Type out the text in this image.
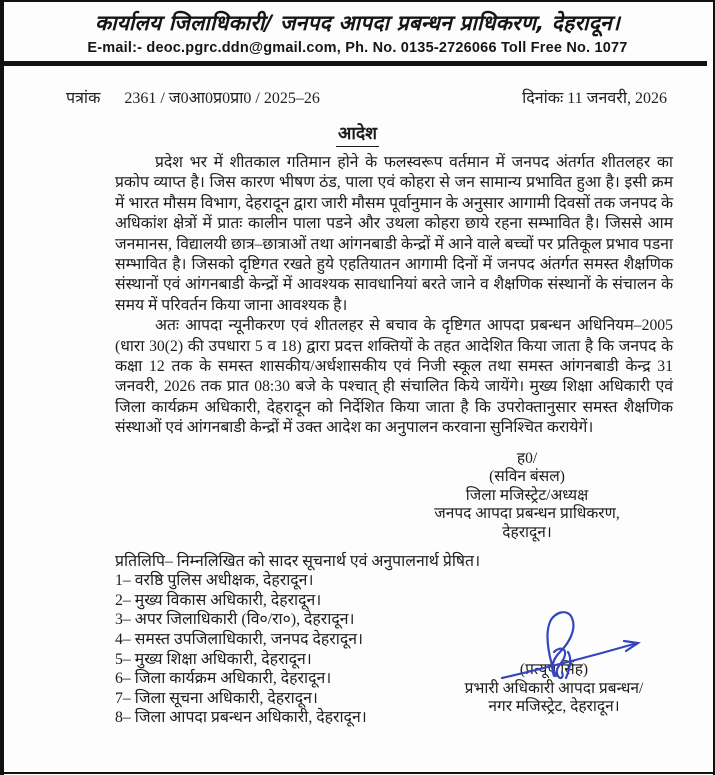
कार्यालय जिलाधिकारी/ जनपद आपदा प्रबन्धन प्राधिकरण, देहरादून।
E-mail:- deoc.pgrc.ddn@gmail.com, Ph. No. 0135-2726066 Toll Free No. 1077
पत्रांक 2361 / ज0आ0प्र0प्रा0 / 2025–26	दिनांकः 11 जनवरी, 2026
आदेश

प्रदेश भर में शीतकाल गतिमान होने के फलस्वरूप वर्तमान में जनपद अंतर्गत शीतलहर का प्रकोप व्याप्त है। जिस कारण भीषण ठंड, पाला एवं कोहरा से जन सामान्य प्रभावित हुआ है। इसी क्रम में भारत मौसम विभाग, देहरादून द्वारा जारी मौसम पूर्वानुमान के अनुसार आगामी दिवसों तक जनपद के अधिकांश क्षेत्रों में प्रातः कालीन पाला पडने और उथला कोहरा छाये रहना सम्भावित है। जिससे आम जनमानस, विद्यालयी छात्र–छात्राओं तथा आंगनबाडी केन्द्रों में आने वाले बच्चों पर प्रतिकूल प्रभाव पडना सम्भावित है। जिसको दृष्टिगत रखते हुये एहतियातन आगामी दिनों में जनपद अंतर्गत समस्त शैक्षणिक संस्थानों एवं आंगनबाडी केन्द्रों में आवश्यक सावधानियां बरते जाने व शैक्षणिक संस्थानों के संचालन के समय में परिवर्तन किया जाना आवश्यक है।

अतः आपदा न्यूनीकरण एवं शीतलहर से बचाव के दृष्टिगत आपदा प्रबन्धन अधिनियम–2005 (धारा 30(2) की उपधारा 5 व 18) द्वारा प्रदत्त शक्तियों के तहत आदेशित किया जाता है कि जनपद के कक्षा 12 तक के समस्त शासकीय/अर्धशासकीय एवं निजी स्कूल तथा समस्त आंगनबाडी केन्द्र 31 जनवरी, 2026 तक प्रात 08:30 बजे के पश्चात् ही संचालित किये जायेंगे। मुख्य शिक्षा अधिकारी एवं जिला कार्यक्रम अधिकारी, देहरादून को निर्देशित किया जाता है कि उपरोक्तानुसार समस्त शैक्षणिक संस्थाओं एवं आंगनबाडी केन्द्रों में उक्त आदेश का अनुपालन करवाना सुनिश्चित करायेगें।

ह0/
(सविन बंसल)
जिला मजिस्ट्रेट/अध्यक्ष
जनपद आपदा प्रबन्धन प्राधिकरण,
देहरादून।
प्रतिलिपि– निम्नलिखित को सादर सूचनार्थ एवं अनुपालनार्थ प्रेषित।
1– वरष्ठि पुलिस अधीक्षक, देहरादून।
2– मुख्य विकास अधिकारी, देहरादून।
3– अपर जिलाधिकारी (वि०/रा०), देहरादून।
4– समस्त उपजिलाधिकारी, जनपद देहरादून।
5– मुख्य शिक्षा अधिकारी, देहरादून।
6– जिला कार्यक्रम अधिकारी, देहरादून।
7– जिला सूचना अधिकारी, देहरादून।
8– जिला आपदा प्रबन्धन अधिकारी, देहरादून।
(प्रत्यूष सिंह)
प्रभारी अधिकारी आपदा प्रबन्धन/
नगर मजिस्ट्रेट, देहरादून।
